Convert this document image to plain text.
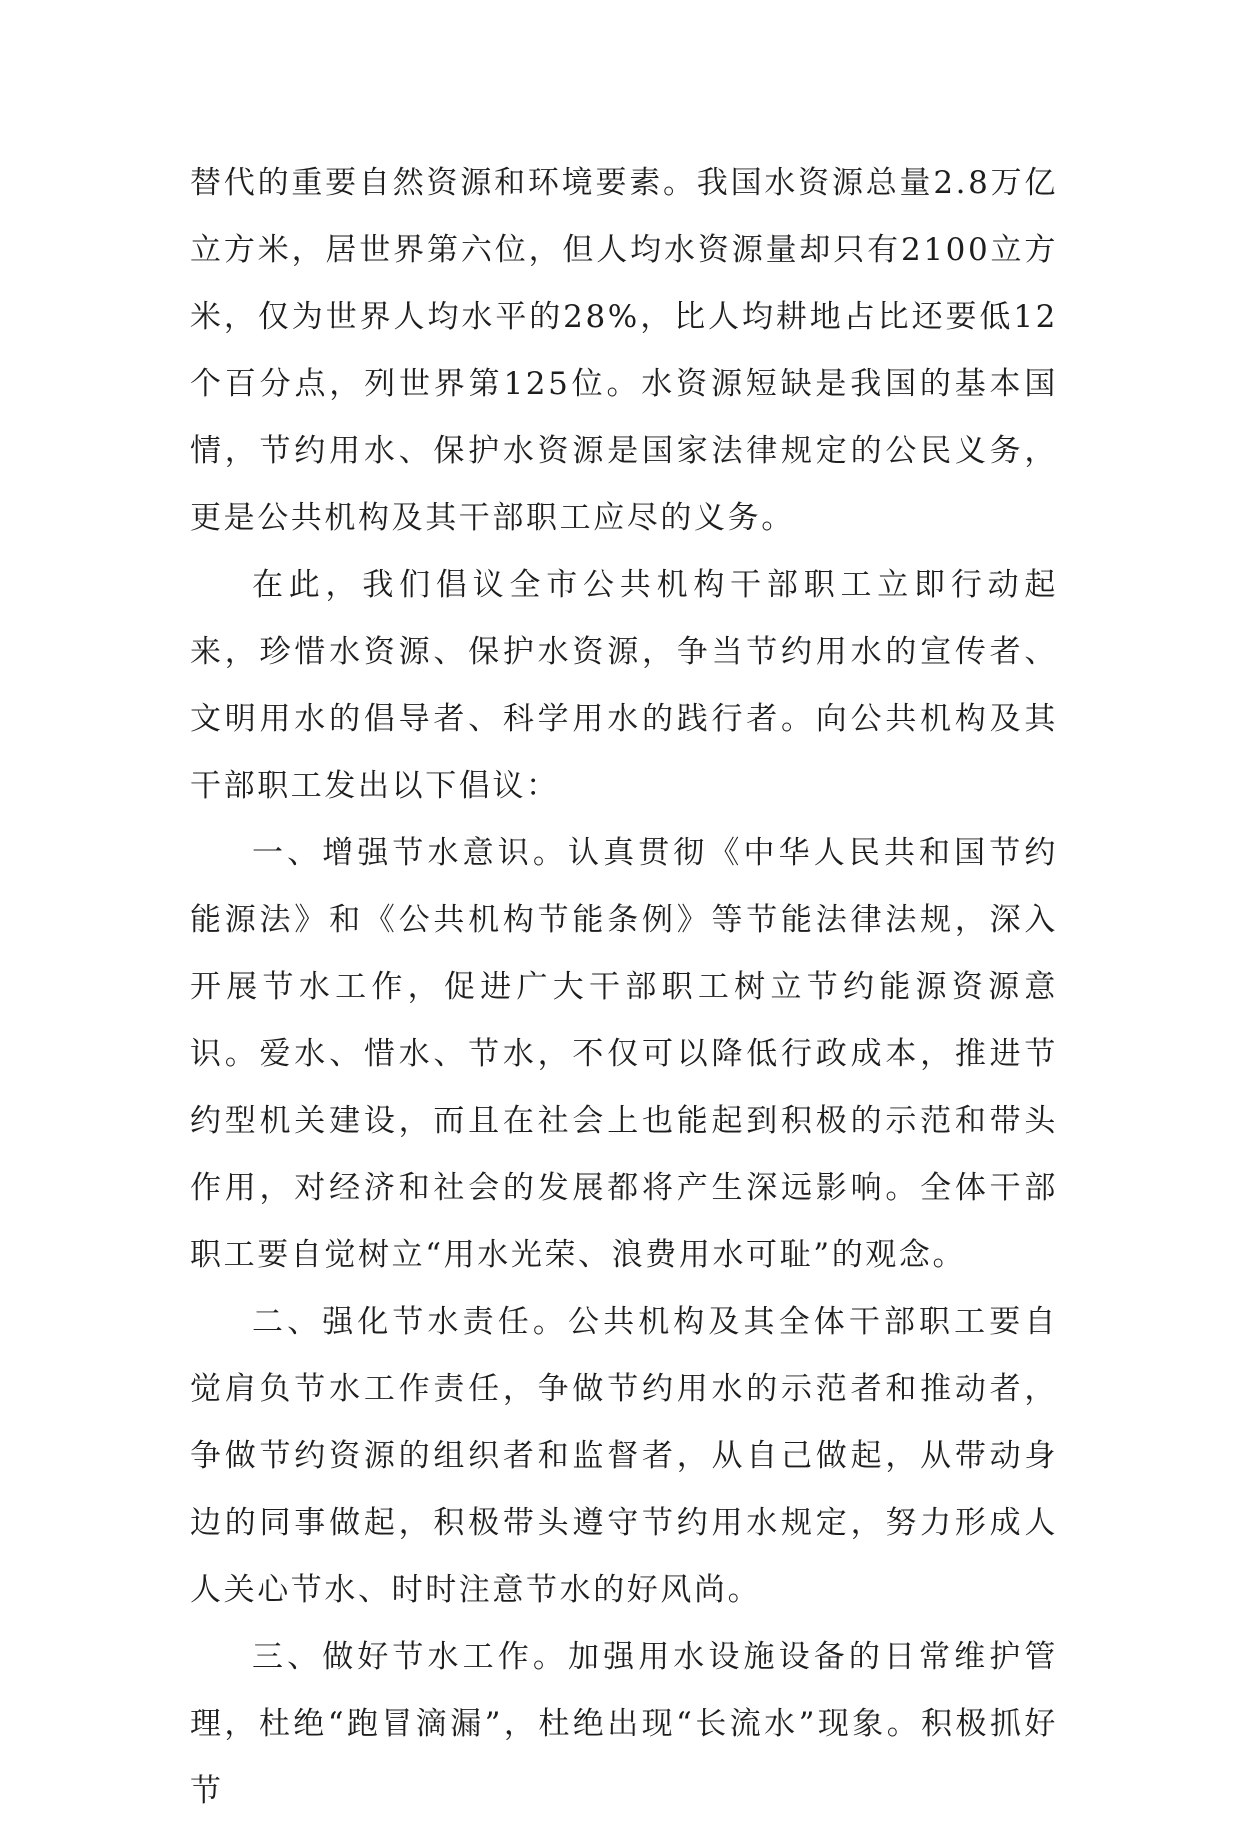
替代的重要自然资源和环境要素。我国水资源总量2.8万亿立方米，居世界第六位，但人均水资源量却只有2100立方米，仅为世界人均水平的28%，比人均耕地占比还要低12个百分点，列世界第125位。水资源短缺是我国的基本国情，节约用水、保护水资源是国家法律规定的公民义务，更是公共机构及其干部职工应尽的义务。

在此，我们倡议全市公共机构干部职工立即行动起来，珍惜水资源、保护水资源，争当节约用水的宣传者、文明用水的倡导者、科学用水的践行者。向公共机构及其干部职工发出以下倡议：

一、增强节水意识。认真贯彻《中华人民共和国节约能源法》和《公共机构节能条例》等节能法律法规，深入开展节水工作，促进广大干部职工树立节约能源资源意识。爱水、惜水、节水，不仅可以降低行政成本，推进节约型机关建设，而且在社会上也能起到积极的示范和带头作用，对经济和社会的发展都将产生深远影响。全体干部职工要自觉树立“用水光荣、浪费用水可耻”的观念。

二、强化节水责任。公共机构及其全体干部职工要自觉肩负节水工作责任，争做节约用水的示范者和推动者，争做节约资源的组织者和监督者，从自己做起，从带动身边的同事做起，积极带头遵守节约用水规定，努力形成人人关心节水、时时注意节水的好风尚。

三、做好节水工作。加强用水设施设备的日常维护管理，杜绝“跑冒滴漏”，杜绝出现“长流水”现象。积极抓好节
